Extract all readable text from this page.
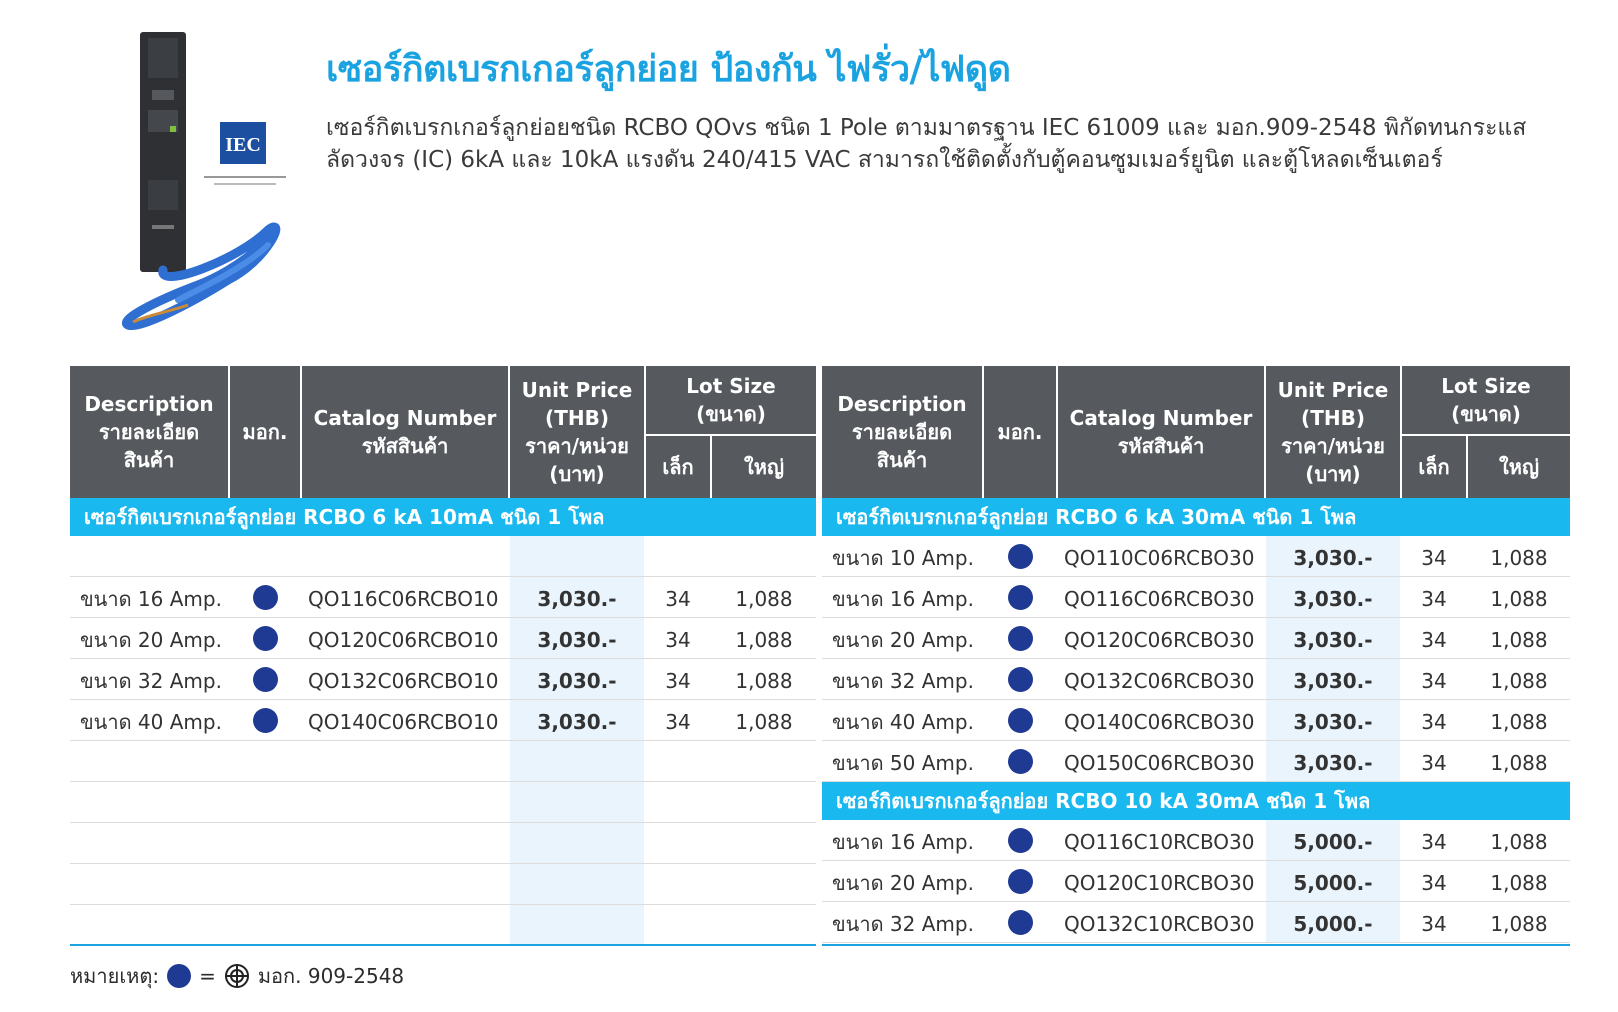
IEC
เซอร์กิตเบรกเกอร์ลูกย่อย ป้องกัน ไฟรั่ว/ไฟดูด
เซอร์กิตเบรกเกอร์ลูกย่อยชนิด RCBO QOvs ชนิด 1 Pole ตามมาตรฐาน IEC 61009 และ มอก.909-2548 พิกัดทนกระแสลัดวงจร (IC) 6kA และ 10kA แรงดัน 240/415 VAC สามารถใช้ติดตั้งกับตู้คอนซูมเมอร์ยูนิต และตู้โหลดเซ็นเตอร์
Description
รายละเอียด
สินค้า
มอก.
Catalog Number
รหัสสินค้า
Unit Price
(THB)
ราคา/หน่วย
(บาท)
Lot Size
(ขนาด)
เล็ก	ใหญ่
เซอร์กิตเบรกเกอร์ลูกย่อย RCBO 6 kA 10mA ชนิด 1 โพล
ขนาด 16 Amp.	QO116C06RCBO10	3,030.-	34	1,088
ขนาด 20 Amp.	QO120C06RCBO10	3,030.-	34	1,088
ขนาด 32 Amp.	QO132C06RCBO10	3,030.-	34	1,088
ขนาด 40 Amp.	QO140C06RCBO10	3,030.-	34	1,088
Description
รายละเอียด
สินค้า
มอก.
Catalog Number
รหัสสินค้า
Unit Price
(THB)
ราคา/หน่วย
(บาท)
Lot Size
(ขนาด)
เล็ก	ใหญ่
เซอร์กิตเบรกเกอร์ลูกย่อย RCBO 6 kA 30mA ชนิด 1 โพล
ขนาด 10 Amp.	QO110C06RCBO30	3,030.-	34	1,088
ขนาด 16 Amp.	QO116C06RCBO30	3,030.-	34	1,088
ขนาด 20 Amp.	QO120C06RCBO30	3,030.-	34	1,088
ขนาด 32 Amp.	QO132C06RCBO30	3,030.-	34	1,088
ขนาด 40 Amp.	QO140C06RCBO30	3,030.-	34	1,088
ขนาด 50 Amp.	QO150C06RCBO30	3,030.-	34	1,088
เซอร์กิตเบรกเกอร์ลูกย่อย RCBO 10 kA 30mA ชนิด 1 โพล
ขนาด 16 Amp.	QO116C10RCBO30	5,000.-	34	1,088
ขนาด 20 Amp.	QO120C10RCBO30	5,000.-	34	1,088
ขนาด 32 Amp.	QO132C10RCBO30	5,000.-	34	1,088
หมายเหตุ: = มอก. 909-2548
